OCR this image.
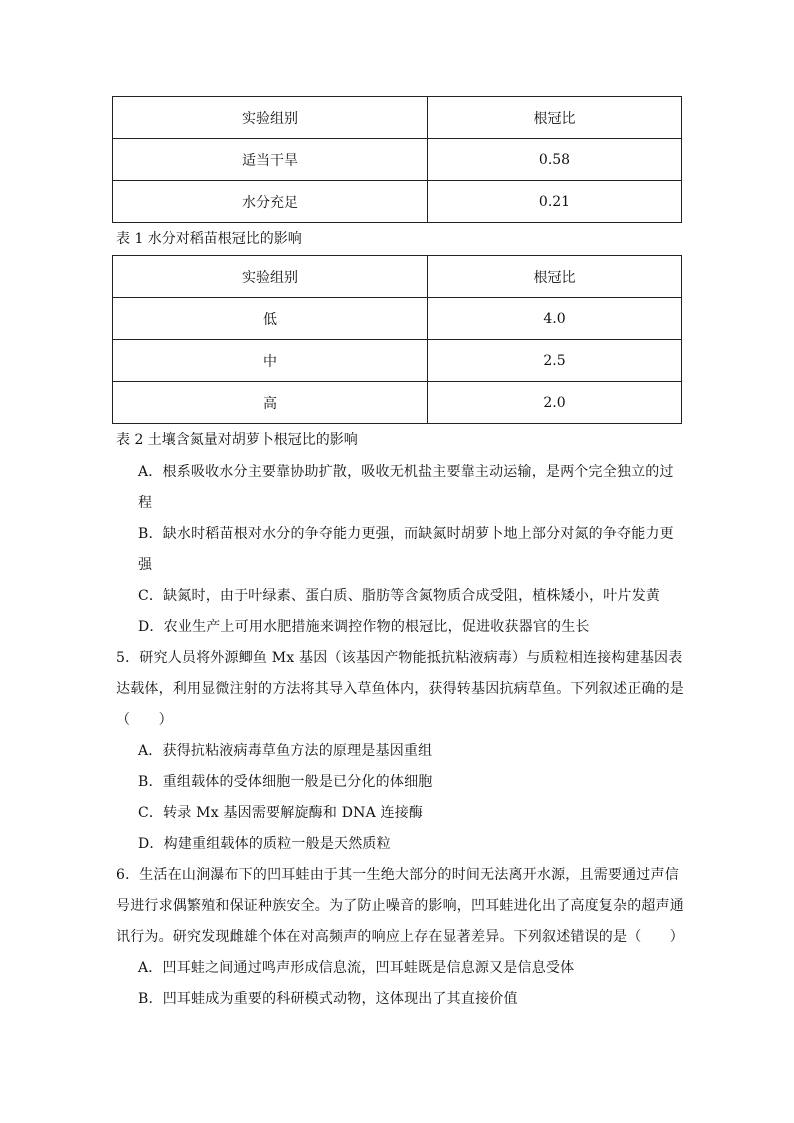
实验组别	根冠比
适当干旱	0.58
水分充足	0.21
表 1 水分对稻苗根冠比的影响
实验组别	根冠比
低	4.0
中	2.5
高	2.0
表 2 土壤含氮量对胡萝卜根冠比的影响
A．根系吸收水分主要靠协助扩散，吸收无机盐主要靠主动运输，是两个完全独立的过
程
B．缺水时稻苗根对水分的争夺能力更强，而缺氮时胡萝卜地上部分对氮的争夺能力更
强
C．缺氮时，由于叶绿素、蛋白质、脂肪等含氮物质合成受阻，植株矮小，叶片发黄
D．农业生产上可用水肥措施来调控作物的根冠比，促进收获器官的生长
5．研究人员将外源鲫鱼 Mx 基因（该基因产物能抵抗粘液病毒）与质粒相连接构建基因表
达载体，利用显微注射的方法将其导入草鱼体内，获得转基因抗病草鱼。下列叙述正确的是
（　　）
A．获得抗粘液病毒草鱼方法的原理是基因重组
B．重组载体的受体细胞一般是已分化的体细胞
C．转录 Mx 基因需要解旋酶和 DNA 连接酶
D．构建重组载体的质粒一般是天然质粒
6．生活在山涧瀑布下的凹耳蛙由于其一生绝大部分的时间无法离开水源，且需要通过声信
号进行求偶繁殖和保证种族安全。为了防止噪音的影响，凹耳蛙进化出了高度复杂的超声通
讯行为。研究发现雌雄个体在对高频声的响应上存在显著差异。下列叙述错误的是（　　）
A．凹耳蛙之间通过鸣声形成信息流，凹耳蛙既是信息源又是信息受体
B．凹耳蛙成为重要的科研模式动物，这体现出了其直接价值
